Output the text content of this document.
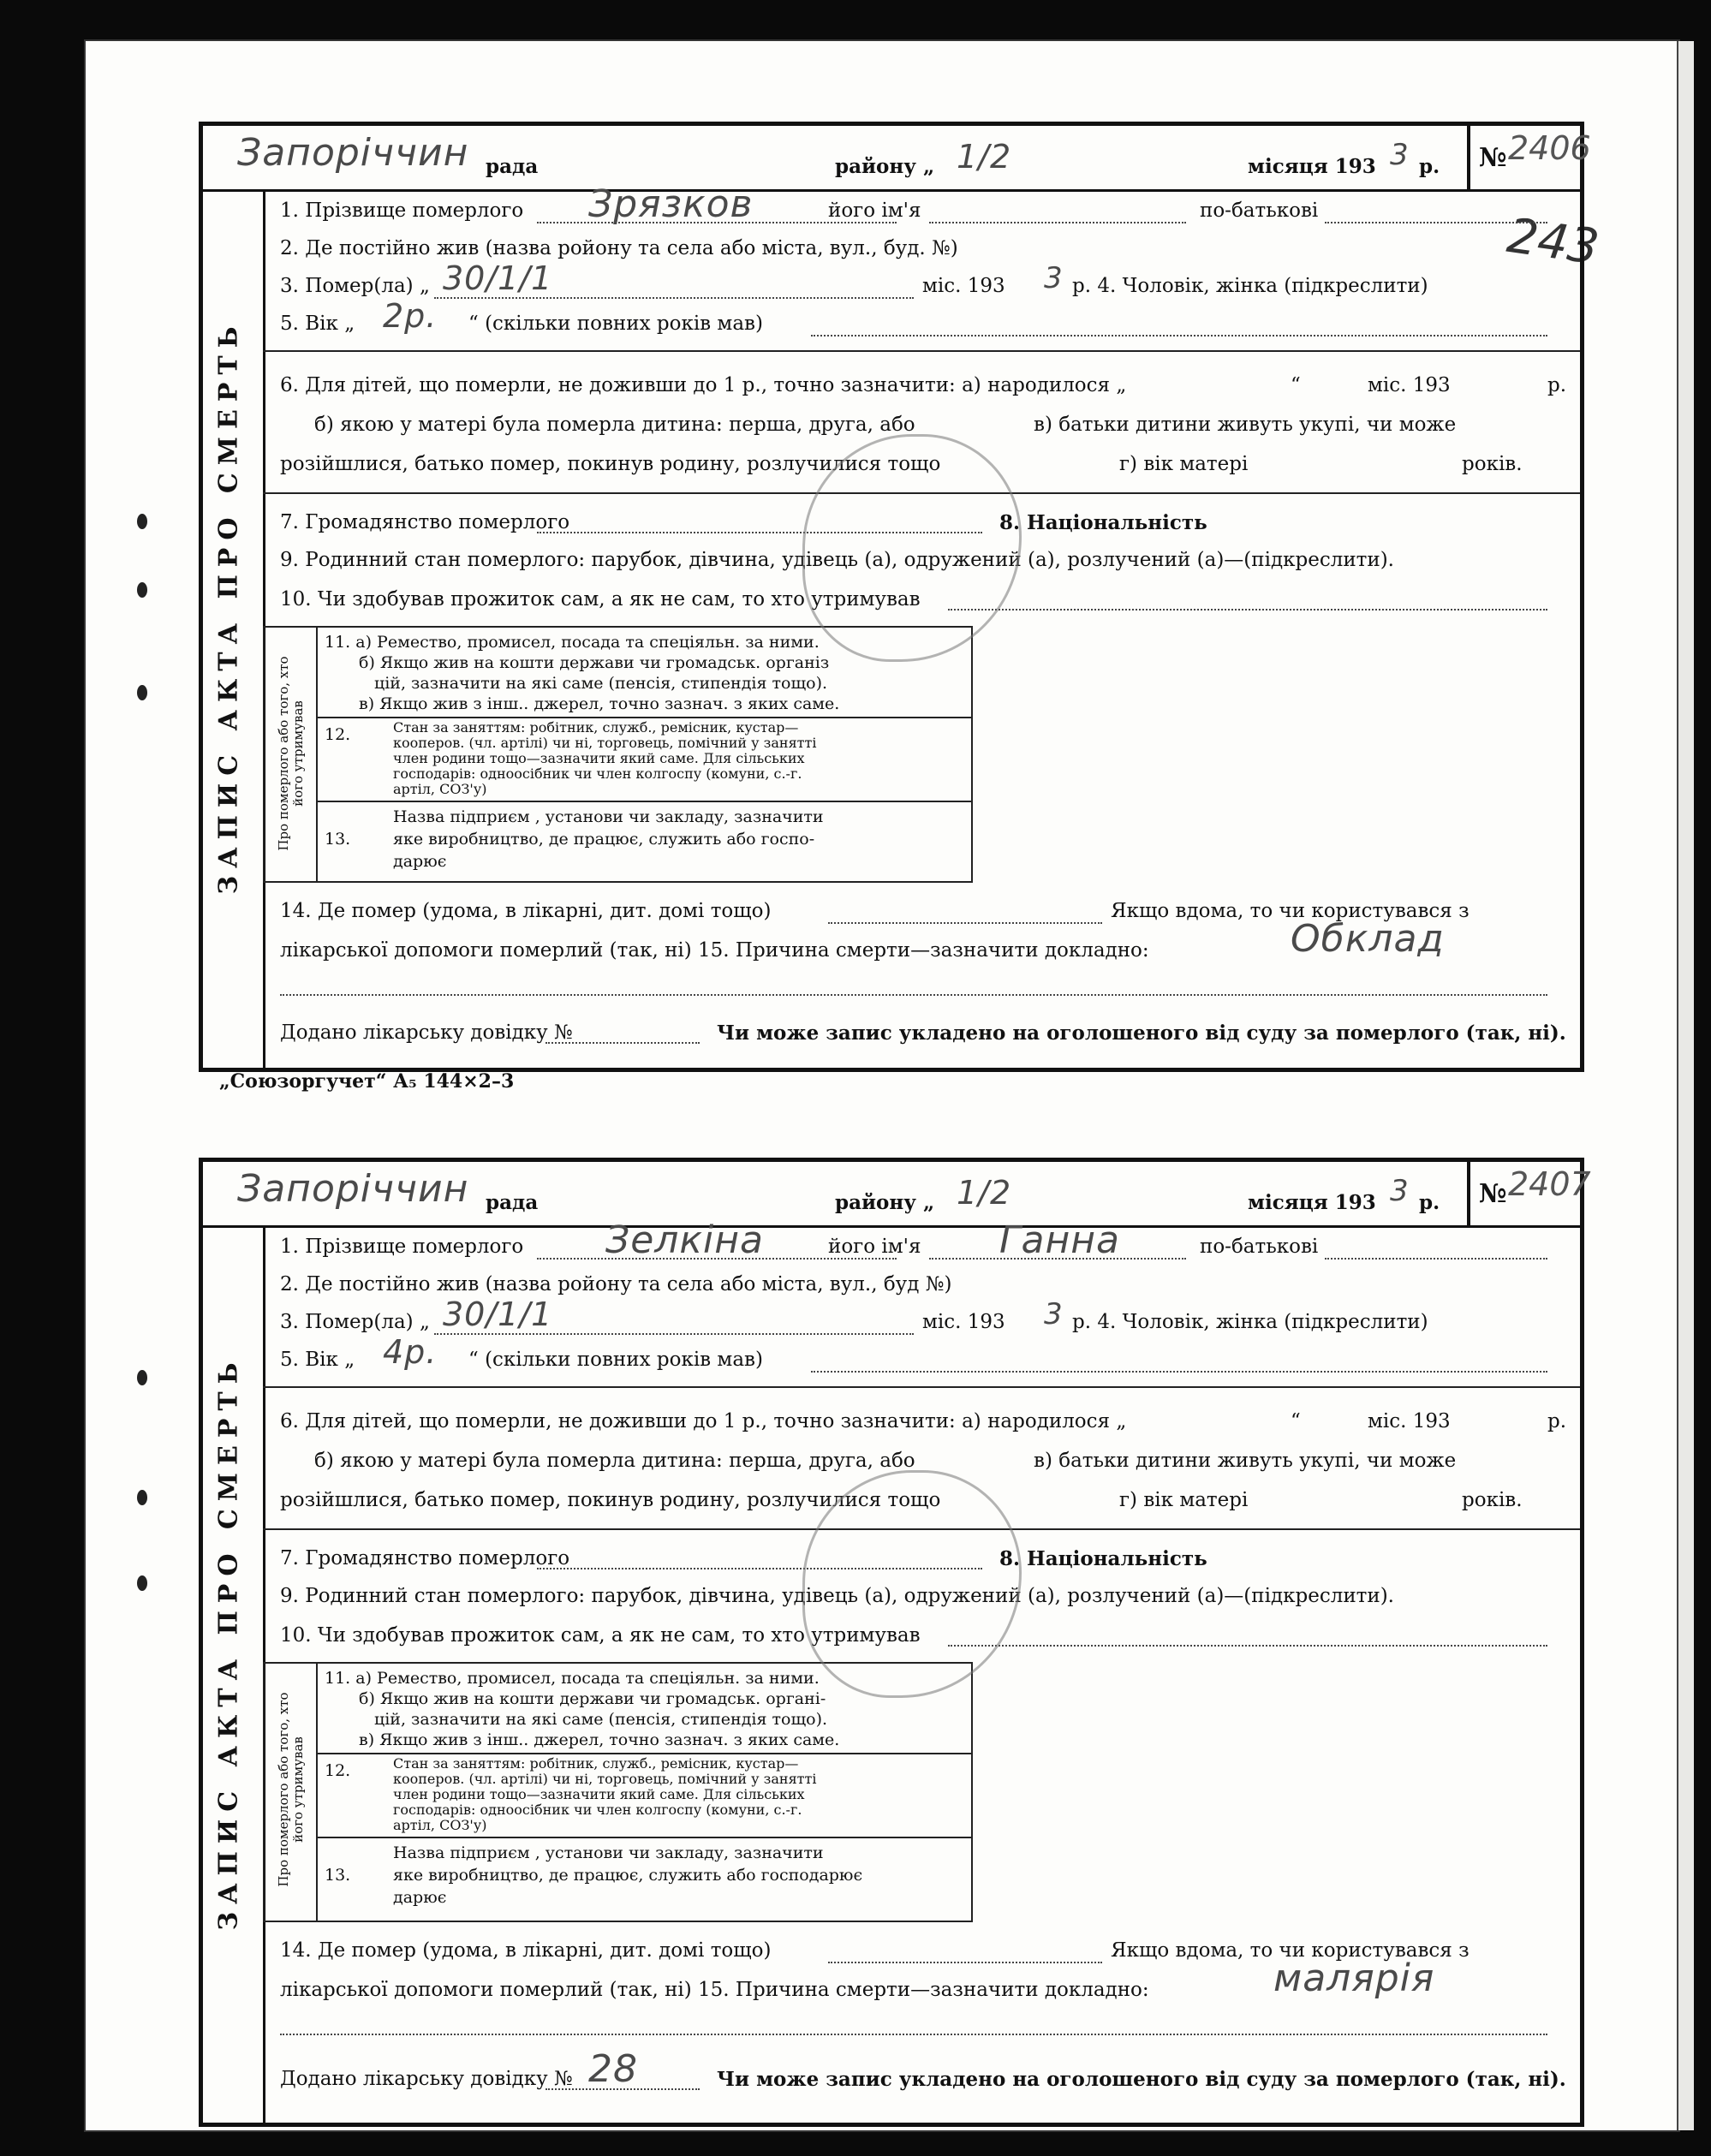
243
Запорiччин рада	району „ 1/2	місяця 193 3 р. № 2406
ЗАПИС АКТА ПРО СМЕРТЬ
1. Прізвище померлого Зрязков	його ім'я	по-батькові
2. Де постійно жив (назва ройону та села або міста, вул., буд. №)
3. Помер(ла) „ 30/1/1	міс. 193 3 р. 4. Чоловік, жінка (підкреслити)
5. Вік „ 2р. “ (скільки повних років мав)
6. Для дітей, що померли, не доживши до 1 р., точно зазначити: а) народилося „	“	міс. 193	р.
б) якою у матері була померла дитина: перша, друга, або	в) батьки дитини живуть укупі, чи може
розійшлися, батько помер, покинув родину, розлучилися тощо	г) вік матері	років.
7. Громадянство померлого	8. Національність
9. Родинний стан померлого: парубок, дівчина, удівець (а), одружений (а), розлучений (а)—(підкреслити).
10. Чи здобував прожиток сам, а як не сам, то хто утримував
Про померлого або того, хто його утримував
11. а) Ремество, промисел, посада та спеціяльн. за ними.
б) Якщо жив на кошти держави чи громадськ. організ
цій, зазначити на які саме (пенсія, стипендія тощо).
в) Якщо жив з інш.. джерел, точно зазнач. з яких саме.
12.	Стан за заняттям: робітник, служб., ремісник, кустар—
кооперов. (чл. артілі) чи ні, торговець, помічний у занятті
член родини тощо—зазначити який саме. Для сільських
господарів: одноосібник чи член колгоспу (комуни, с.-г.
артіл, СОЗ'у)
13.
Назва підприєм , установи чи закладу, зазначити
яке виробництво, де працює, служить або госпо-
дарює
14. Де помер (удома, в лікарні, дит. домі тощо)	Якщо вдома, то чи користувався з
лікарської допомоги померлий (так, ні) 15. Причина смерти—зазначити докладно:	Обклад
Додано лікарську довідку №	Чи може запис укладено на оголошеного від суду за померлого (так, ні).
„Союзоргучет“ А₅ 144×2–3
Запорiччин рада	району „ 1/2	місяця 193 3 р. № 2407
ЗАПИС АКТА ПРО СМЕРТЬ
1. Прізвище померлого Зелкіна	його ім'я Ганна	по-батькові
2. Де постійно жив (назва ройону та села або міста, вул., буд №)
3. Помер(ла) „ 30/1/1	міс. 193 3 р. 4. Чоловік, жінка (підкреслити)
5. Вік „ 4р. “ (скільки повних років мав)
6. Для дітей, що померли, не доживши до 1 р., точно зазначити: а) народилося „	“	міс. 193	р.
б) якою у матері була померла дитина: перша, друга, або	в) батьки дитини живуть укупі, чи може
розійшлися, батько помер, покинув родину, розлучилися тощо	г) вік матері	років.
7. Громадянство померлого	8. Національність
9. Родинний стан померлого: парубок, дівчина, удівець (а), одружений (а), розлучений (а)—(підкреслити).
10. Чи здобував прожиток сам, а як не сам, то хто утримував
Про померлого або того, хто його утримував
11. а) Ремество, промисел, посада та спеціяльн. за ними.
б) Якщо жив на кошти держави чи громадськ. органі-
цій, зазначити на які саме (пенсія, стипендія тощо).
в) Якщо жив з інш.. джерел, точно зазнач. з яких саме.
12.	Стан за заняттям: робітник, служб., ремісник, кустар—
кооперов. (чл. артілі) чи ні, торговець, помічний у занятті
член родини тощо—зазначити який саме. Для сільських
господарів: одноосібник чи член колгоспу (комуни, с.-г.
артіл, СОЗ'у)
13.
Назва підприєм , установи чи закладу, зазначити
яке виробництво, де працює, служить або господарює
дарює
14. Де помер (удома, в лікарні, дит. домі тощо)	Якщо вдома, то чи користувався з
лікарської допомоги померлий (так, ні) 15. Причина смерти—зазначити докладно:	малярія
Додано лікарську довідку № 28	Чи може запис укладено на оголошеного від суду за померлого (так, ні).
